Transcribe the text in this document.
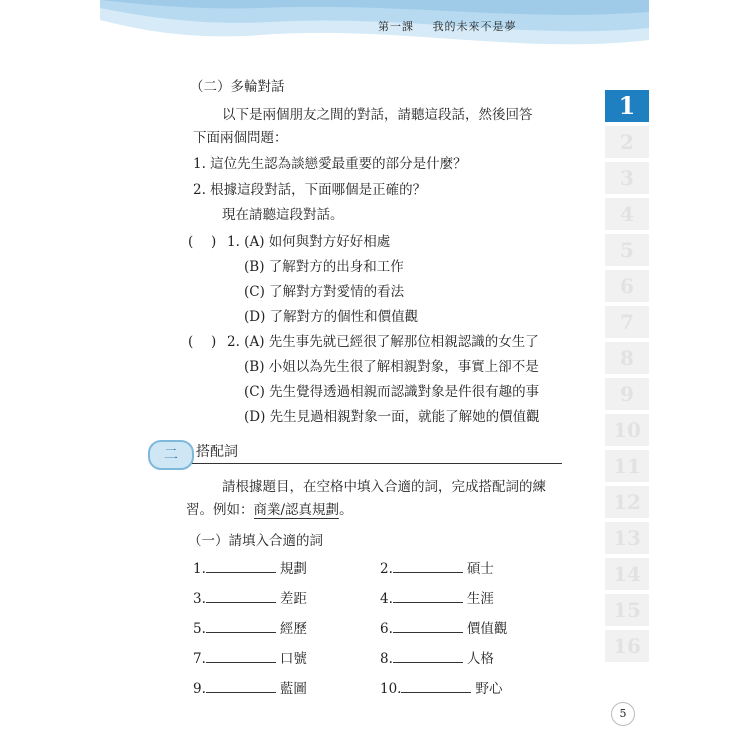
第一課 我的未來不是夢
（二）多輪對話
以下是兩個朋友之間的對話，請聽這段話，然後回答
下面兩個問題：
1. 這位先生認為談戀愛最重要的部分是什麼？
2. 根據這段對話，下面哪個是正確的？
現在請聽這段對話。
(　 ) 1. (A) 如何與對方好好相處
(B) 了解對方的出身和工作
(C) 了解對方對愛情的看法
(D) 了解對方的個性和價值觀
(　 ) 2. (A) 先生事先就已經很了解那位相親認識的女生了
(B) 小姐以為先生很了解相親對象，事實上卻不是
(C) 先生覺得透過相親而認識對象是件很有趣的事
(D) 先生見過相親對象一面，就能了解她的價值觀
二	搭配詞
請根據題目，在空格中填入合適的詞，完成搭配詞的練
習。例如：商業/認真規劃。
（一）請填入合適的詞
1.	規劃	2.	碩士
3.	差距	4.	生涯
5.	經歷	6.	價值觀
7.	口號	8.	人格
9.	藍圖	10.	野心
1
2
3
4
5
6
7
8
9
10
11
12
13
14
15
16
5
